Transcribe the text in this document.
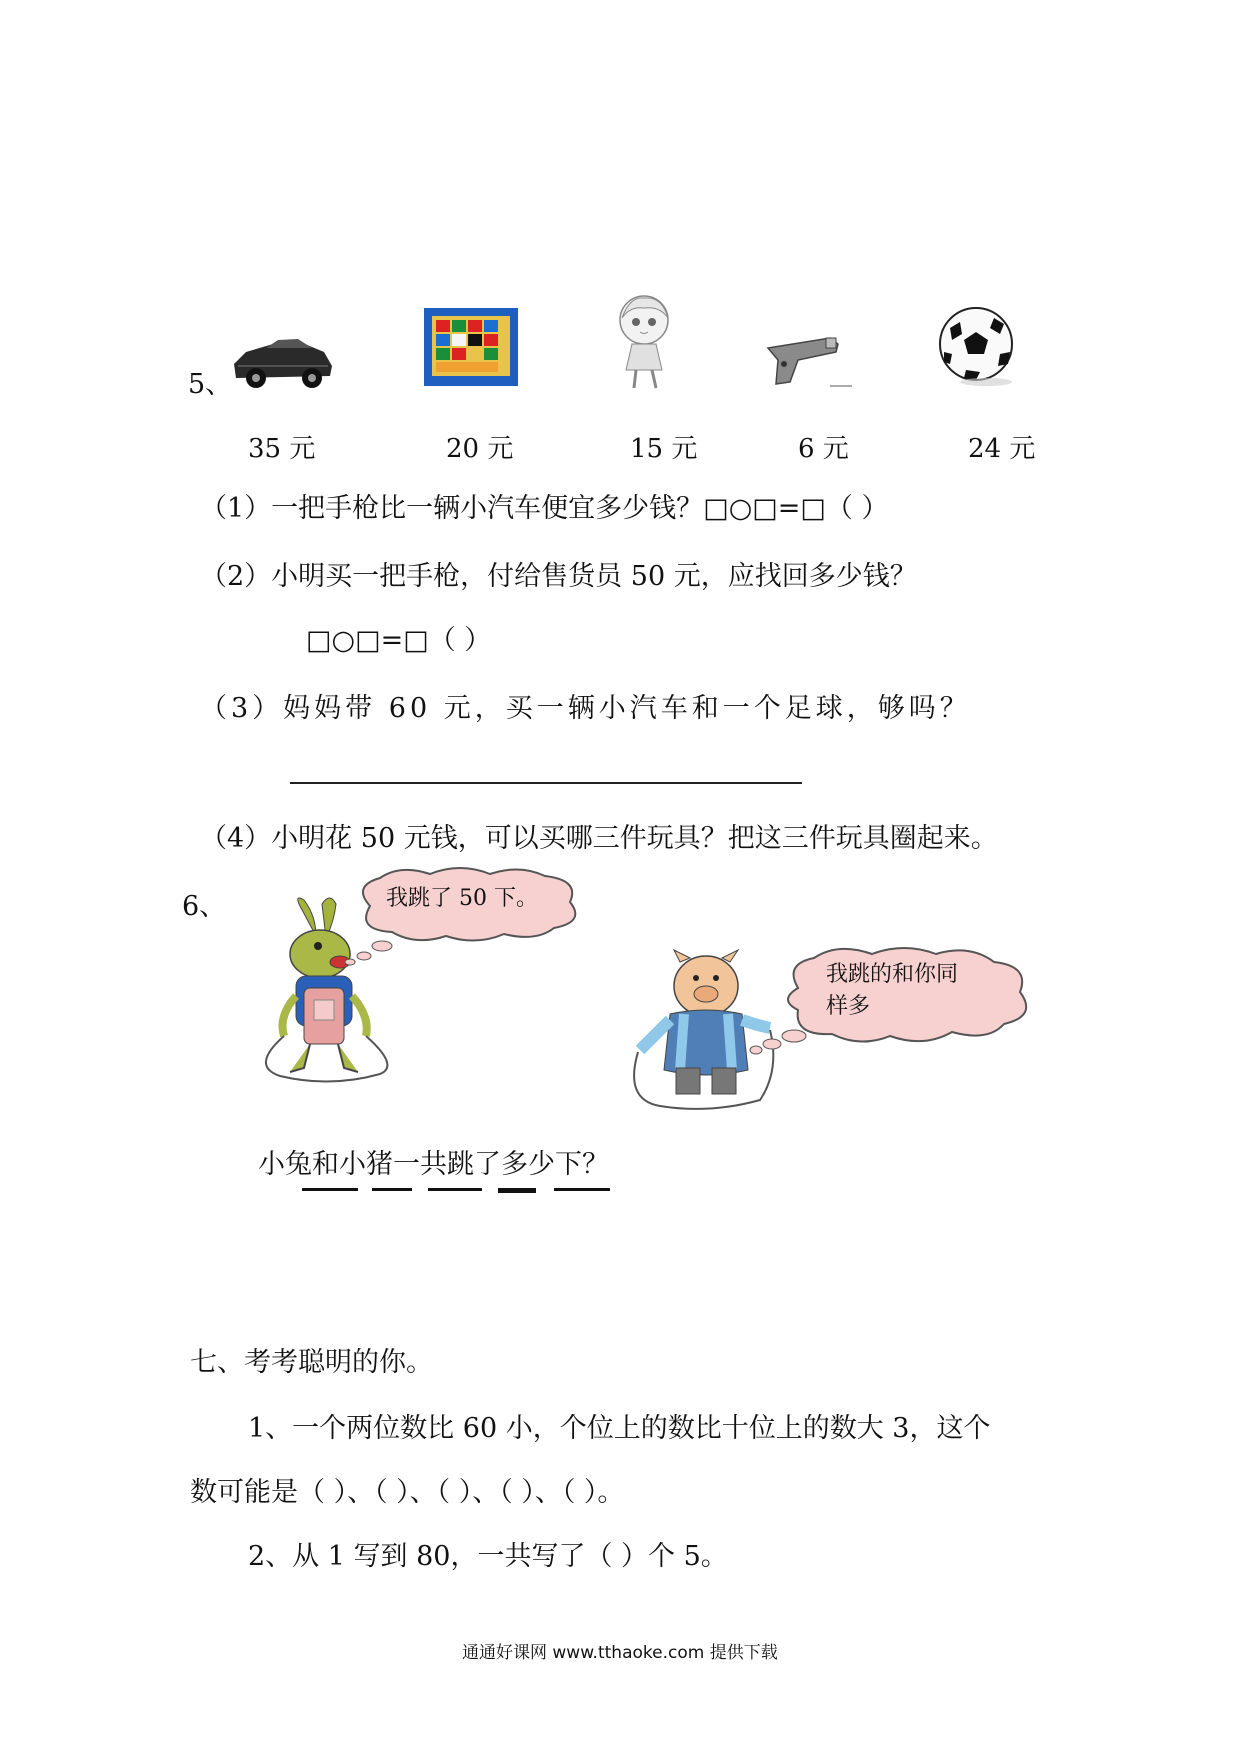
5、
35 元	20 元	15 元	6 元	24 元
（1）一把手枪比一辆小汽车便宜多少钱？□○□=□（ ）
（2）小明买一把手枪，付给售货员 50 元，应找回多少钱？
□○□=□（ ）
（3）妈妈带 60 元，买一辆小汽车和一个足球，够吗？
（4）小明花 50 元钱，可以买哪三件玩具？把这三件玩具圈起来。
6、	我跳了 50 下。
我跳的和你同
样多
小兔和小猪一共跳了多少下？
七、考考聪明的你。
1、一个两位数比 60 小，个位上的数比十位上的数大 3，这个
数可能是（ ）、（ ）、（ ）、（ ）、（ ）。
2、从 1 写到 80，一共写了（ ）个 5。
通通好课网 www.tthaoke.com 提供下载
